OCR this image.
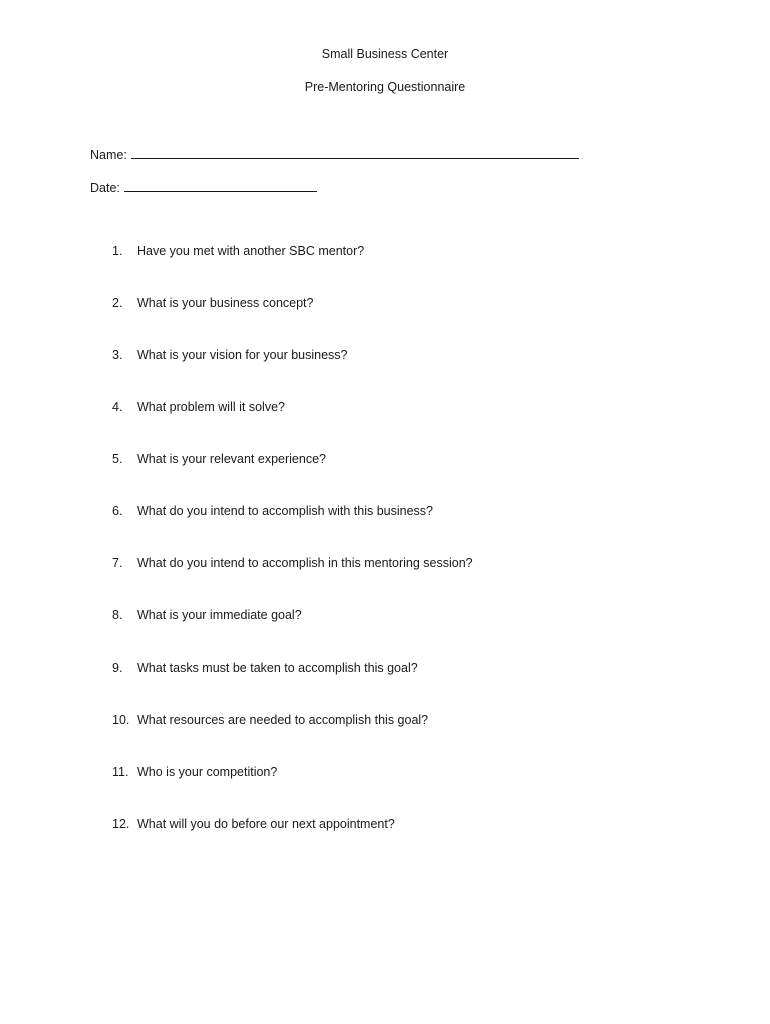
Small Business Center
Pre-Mentoring Questionnaire
Name:
Date:
1.	Have you met with another SBC mentor?
2.	What is your business concept?
3.	What is your vision for your business?
4.	What problem will it solve?
5.	What is your relevant experience?
6.	What do you intend to accomplish with this business?
7.	What do you intend to accomplish in this mentoring session?
8.	What is your immediate goal?
9.	What tasks must be taken to accomplish this goal?
10. What resources are needed to accomplish this goal?
11. Who is your competition?
12. What will you do before our next appointment?
